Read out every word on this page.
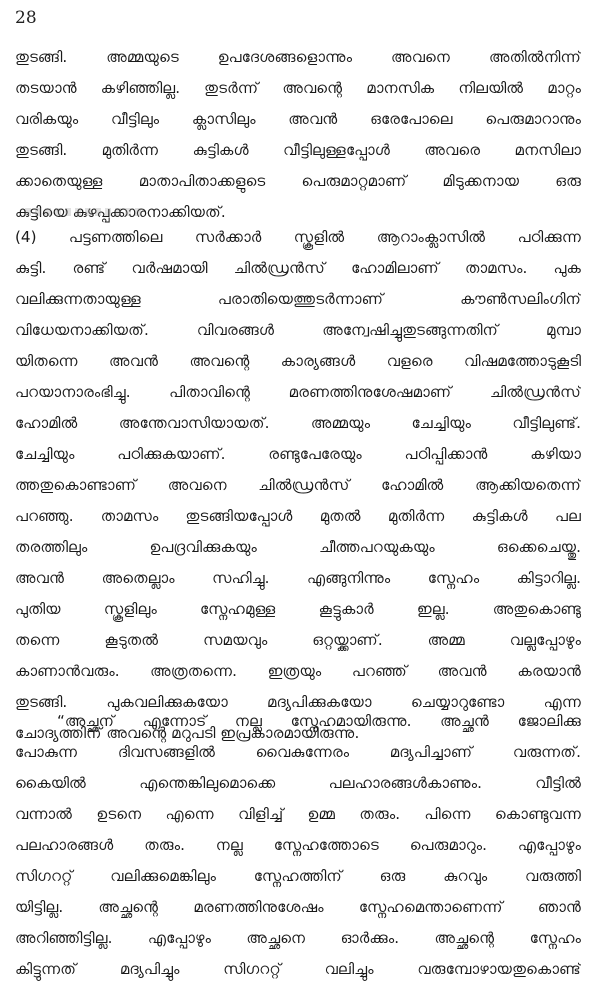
28
തുടങ്ങി. അമ്മയുടെ ഉപദേശങ്ങളൊന്നും അവനെ അതിൽനിന്ന്
തടയാൻ കഴിഞ്ഞില്ല. തുടർന്ന് അവന്റെ മാനസിക നിലയിൽ മാറ്റം
വരികയും വീട്ടിലും ക്ലാസിലും അവൻ ഒരേപോലെ പെരുമാറാനും
തുടങ്ങി. മുതിർന്ന കുട്ടികൾ വീട്ടിലുള്ളപ്പോൾ അവരെ മനസിലാ
ക്കാതെയുള്ള മാതാപിതാക്കളുടെ പെരുമാറ്റമാണ് മിടുക്കനായ ഒരു
കുട്ടിയെ കുഴപ്പക്കാരനാക്കിയത്.
(4) പട്ടണത്തിലെ സർക്കാർ സ്കൂളിൽ ആറാംക്ലാസിൽ പഠിക്കുന്ന
കുട്ടി. രണ്ട് വർഷമായി ചിൽഡ്രൻസ് ഹോമിലാണ് താമസം. പുക
വലിക്കുന്നതായുള്ള പരാതിയെത്തുടർന്നാണ് കൗൺസലിംഗിന്
വിധേയനാക്കിയത്. വിവരങ്ങൾ അന്വേഷിച്ചുതുടങ്ങുന്നതിന് മുമ്പാ
യിതന്നെ അവൻ അവന്റെ കാര്യങ്ങൾ വളരെ വിഷമത്തോടുകൂടി
പറയാനാരംഭിച്ചു. പിതാവിന്റെ മരണത്തിനുശേഷമാണ് ചിൽഡ്രൻസ്
ഹോമിൽ അന്തേവാസിയായത്. അമ്മയും ചേച്ചിയും വീട്ടിലുണ്ട്.
ചേച്ചിയും പഠിക്കുകയാണ്. രണ്ടുപേരേയും പഠിപ്പിക്കാൻ കഴിയാ
ത്തതുകൊണ്ടാണ് അവനെ ചിൽഡ്രൻസ് ഹോമിൽ ആക്കിയതെന്ന്
പറഞ്ഞു. താമസം തുടങ്ങിയപ്പോൾ മുതൽ മുതിർന്ന കുട്ടികൾ പല
തരത്തിലും ഉപദ്രവിക്കുകയും ചീത്തപറയുകയും ഒക്കെചെയ്തു.
അവൻ അതെല്ലാം സഹിച്ചു. എങ്ങുനിന്നും സ്നേഹം കിട്ടാറില്ല.
പുതിയ സ്കൂളിലും സ്നേഹമുള്ള കൂട്ടുകാർ ഇല്ല. അതുകൊണ്ടു
തന്നെ കൂടുതൽ സമയവും ഒറ്റയ്ക്കാണ്. അമ്മ വല്ലപ്പോഴും
കാണാൻവരും. അത്രതന്നെ. ഇത്രയും പറഞ്ഞ് അവൻ കരയാൻ
തുടങ്ങി. പുകവലിക്കുകയോ മദ്യപിക്കുകയോ ചെയ്യാറുണ്ടോ എന്ന
ചോദ്യത്തിന് അവന്റെ മറുപടി ഇപ്രകാരമായിരുന്നു.
“അച്ഛന് എന്നോട് നല്ല സ്നേഹമായിരുന്നു. അച്ഛൻ ജോലിക്കു
പോകുന്ന ദിവസങ്ങളിൽ വൈകുന്നേരം മദ്യപിച്ചാണ് വരുന്നത്.
കൈയിൽ എന്തെങ്കിലുമൊക്കെ പലഹാരങ്ങൾകാണും. വീട്ടിൽ
വന്നാൽ ഉടനെ എന്നെ വിളിച്ച് ഉമ്മ തരും. പിന്നെ കൊണ്ടുവന്ന
പലഹാരങ്ങൾ തരും. നല്ല സ്നേഹത്തോടെ പെരുമാറും. എപ്പോഴും
സിഗററ്റ് വലിക്കുമെങ്കിലും സ്നേഹത്തിന് ഒരു കുറവും വരുത്തി
യിട്ടില്ല. അച്ഛന്റെ മരണത്തിനുശേഷം സ്നേഹമെന്താണെന്ന് ഞാൻ
അറിഞ്ഞിട്ടില്ല. എപ്പോഴും അച്ഛനെ ഓർക്കും. അച്ഛന്റെ സ്നേഹം
കിട്ടുന്നത് മദ്യപിച്ചും സിഗററ്റ് വലിച്ചും വരുമ്പോഴായതുകൊണ്ട്
